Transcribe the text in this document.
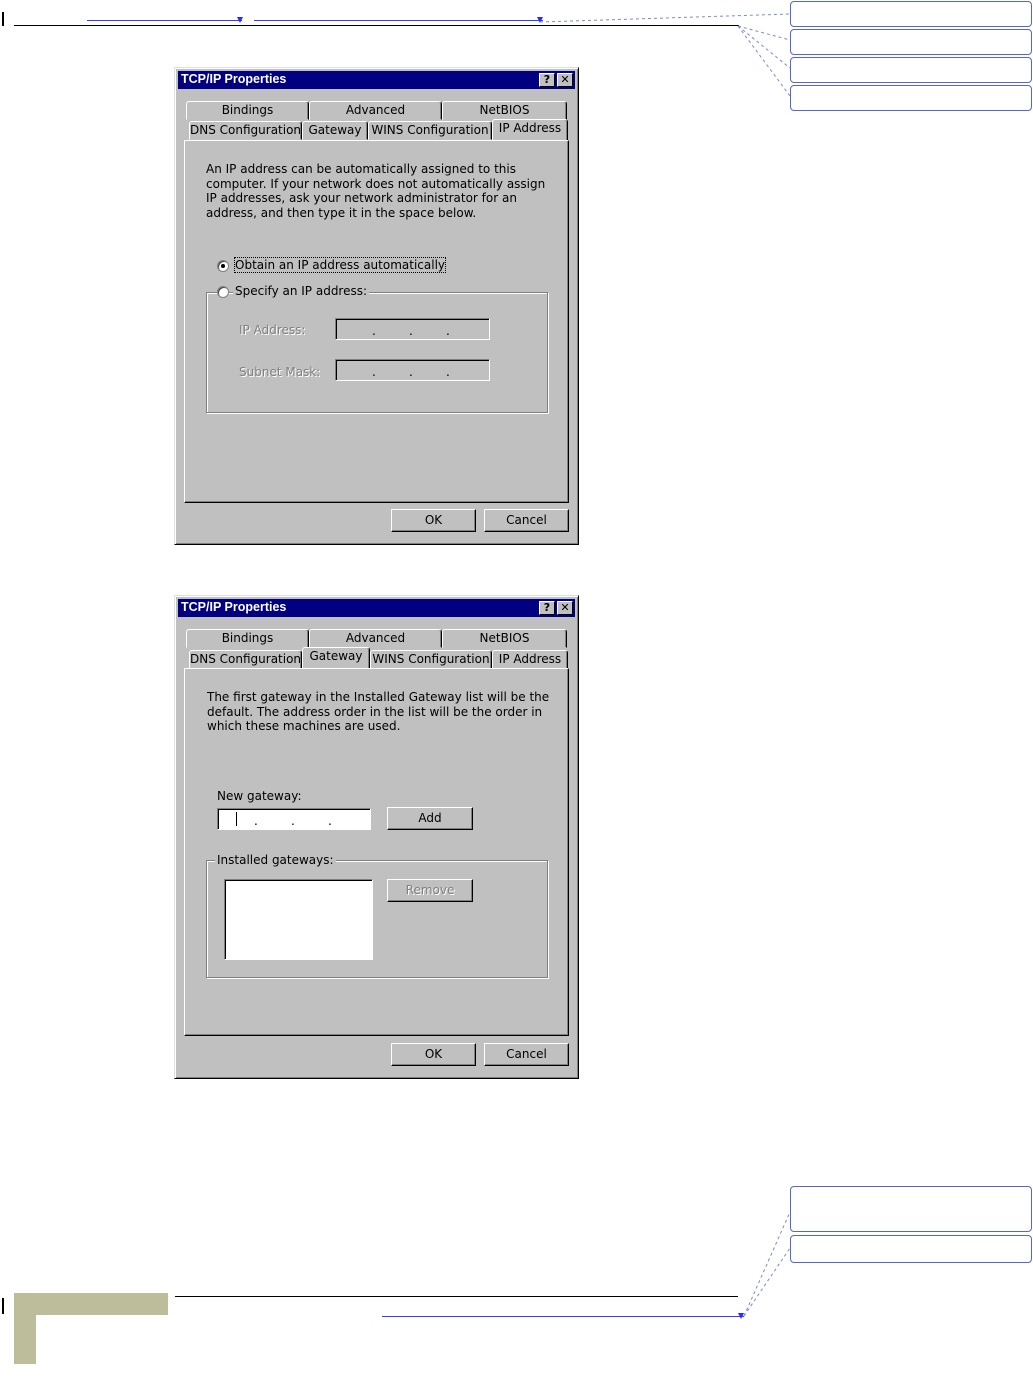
TCP/IP Properties	? ✕
Bindings	Advanced	NetBIOS
DNS Configuration Gateway WINS Configuration IP Address
An IP address can be automatically assigned to this computer. If your network does not automatically assign IP addresses, ask your network administrator for an address, and then type it in the space below.
Obtain an IP address automatically
Specify an IP address:
IP Address:	.	.	.
Subnet Mask:	.	.	.
OK	Cancel
TCP/IP Properties	? ✕
Bindings	Advanced	NetBIOS
DNS Configuration Gateway WINS Configuration IP Address
The first gateway in the Installed Gateway list will be the default. The address order in the list will be the order in which these machines are used.
New gateway:
.	.	.	Add
Installed gateways:
Remove
OK	Cancel
